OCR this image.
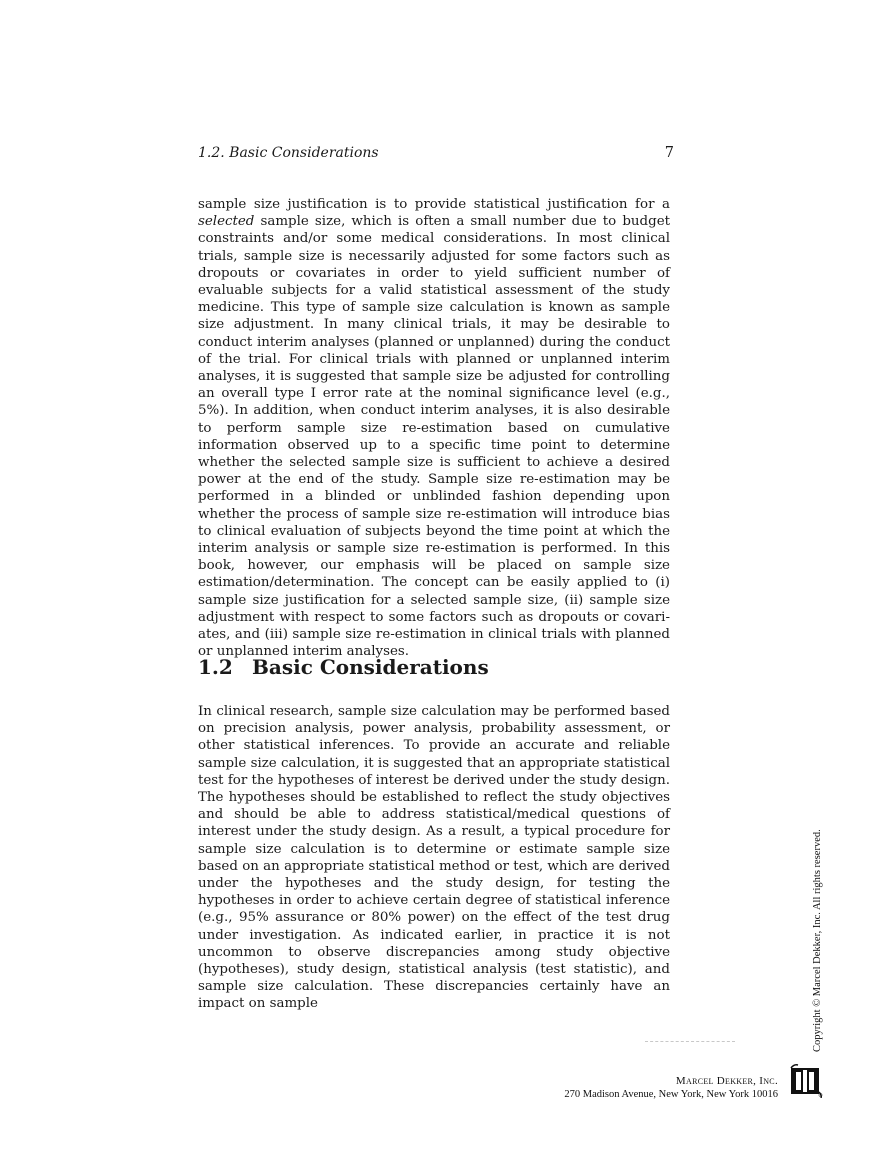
1.2. Basic Considerations	7

sample size justification is to provide statistical justification for a selected sample size, which is often a small number due to budget constraints and/or some medical considerations. In most clinical trials, sample size is necessarily adjusted for some factors such as dropouts or covariates in order to yield sufficient number of evaluable subjects for a valid statistical assessment of the study medicine. This type of sample size calculation is known as sample size adjustment. In many clinical trials, it may be desirable to conduct interim analyses (planned or unplanned) during the conduct of the trial. For clinical trials with planned or unplanned interim analyses, it is suggested that sample size be adjusted for controlling an overall type I error rate at the nominal significance level (e.g., 5%). In addition, when conduct interim analyses, it is also desirable to perform sample size re-estimation based on cumulative information observed up to a specific time point to determine whether the selected sample size is sufficient to achieve a desired power at the end of the study. Sample size re-estimation may be performed in a blinded or unblinded fashion depending upon whether the process of sample size re-estimation will introduce bias to clinical evaluation of subjects beyond the time point at which the interim analysis or sample size re-estimation is performed. In this book, however, our emphasis will be placed on sample size estimation/determination. The concept can be easily applied to (i) sample size justification for a selected sample size, (ii) sample size adjustment with respect to some factors such as dropouts or covariates, and (iii) sample size re-estimation in clinical trials with planned or unplanned interim analyses.

1.2 Basic Considerations

In clinical research, sample size calculation may be performed based on precision analysis, power analysis, probability assessment, or other statistical inferences. To provide an accurate and reliable sample size calculation, it is suggested that an appropriate statistical test for the hypotheses of interest be derived under the study design. The hypotheses should be established to reflect the study objectives and should be able to address statistical/medical questions of interest under the study design. As a result, a typical procedure for sample size calculation is to determine or estimate sample size based on an appropriate statistical method or test, which are derived under the hypotheses and the study design, for testing the hypotheses in order to achieve certain degree of statistical inference (e.g., 95% assurance or 80% power) on the effect of the test drug under investigation. As indicated earlier, in practice it is not uncommon to observe discrepancies among study objective (hypotheses), study design, statistical analysis (test statistic), and sample size calculation. These discrepancies certainly have an impact on sample	Copyright © Marcel Dekker, Inc. All rights reserved.
Marcel Dekker, Inc.
270 Madison Avenue, New York, New York 10016	®
